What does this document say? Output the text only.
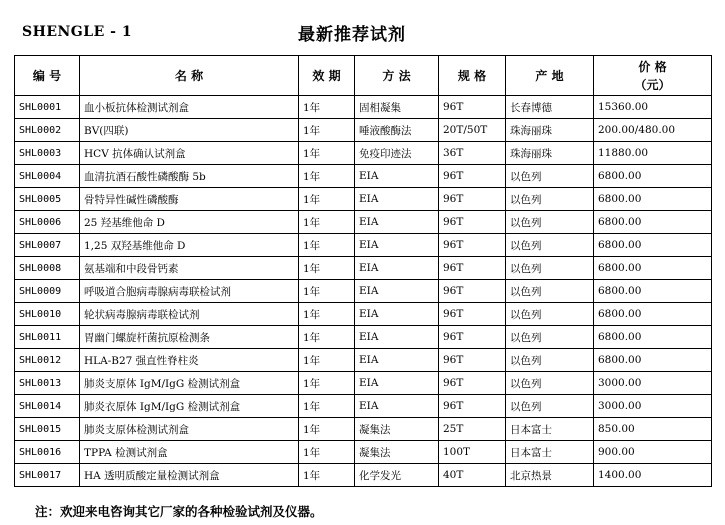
SHENGLE - 1	最新推荐试剂
编 号	名 称	效 期	方 法	规 格	产 地	价 格
（元）

SHL0001	血小板抗体检测试剂盒	1年	固相凝集	96T	长春博德	15360.00
SHL0002	BV(四联)	1年	唾液酸酶法	20T/50T	珠海丽珠	200.00/480.00
SHL0003	HCV 抗体确认试剂盒	1年	免疫印迹法	36T	珠海丽珠	11880.00
SHL0004	血清抗酒石酸性磷酸酶 5b	1年	EIA	96T	以色列	6800.00
SHL0005	骨特异性碱性磷酸酶	1年	EIA	96T	以色列	6800.00
SHL0006	25 羟基维他命 D	1年	EIA	96T	以色列	6800.00
SHL0007	1,25 双羟基维他命 D	1年	EIA	96T	以色列	6800.00
SHL0008	氨基端和中段骨钙素	1年	EIA	96T	以色列	6800.00
SHL0009	呼吸道合胞病毒腺病毒联检试剂	1年	EIA	96T	以色列	6800.00
SHL0010	轮状病毒腺病毒联检试剂	1年	EIA	96T	以色列	6800.00
SHL0011	胃幽门螺旋杆菌抗原检测条	1年	EIA	96T	以色列	6800.00
SHL0012	HLA-B27 强直性脊柱炎	1年	EIA	96T	以色列	6800.00
SHL0013	肺炎支原体 IgM/IgG 检测试剂盒	1年	EIA	96T	以色列	3000.00
SHL0014	肺炎衣原体 IgM/IgG 检测试剂盒	1年	EIA	96T	以色列	3000.00
SHL0015	肺炎支原体检测试剂盒	1年	凝集法	25T	日本富士	850.00
SHL0016	TPPA 检测试剂盒	1年	凝集法	100T	日本富士	900.00
SHL0017	HA 透明质酸定量检测试剂盒	1年	化学发光	40T	北京热景	1400.00
注：欢迎来电咨询其它厂家的各种检验试剂及仪器。
